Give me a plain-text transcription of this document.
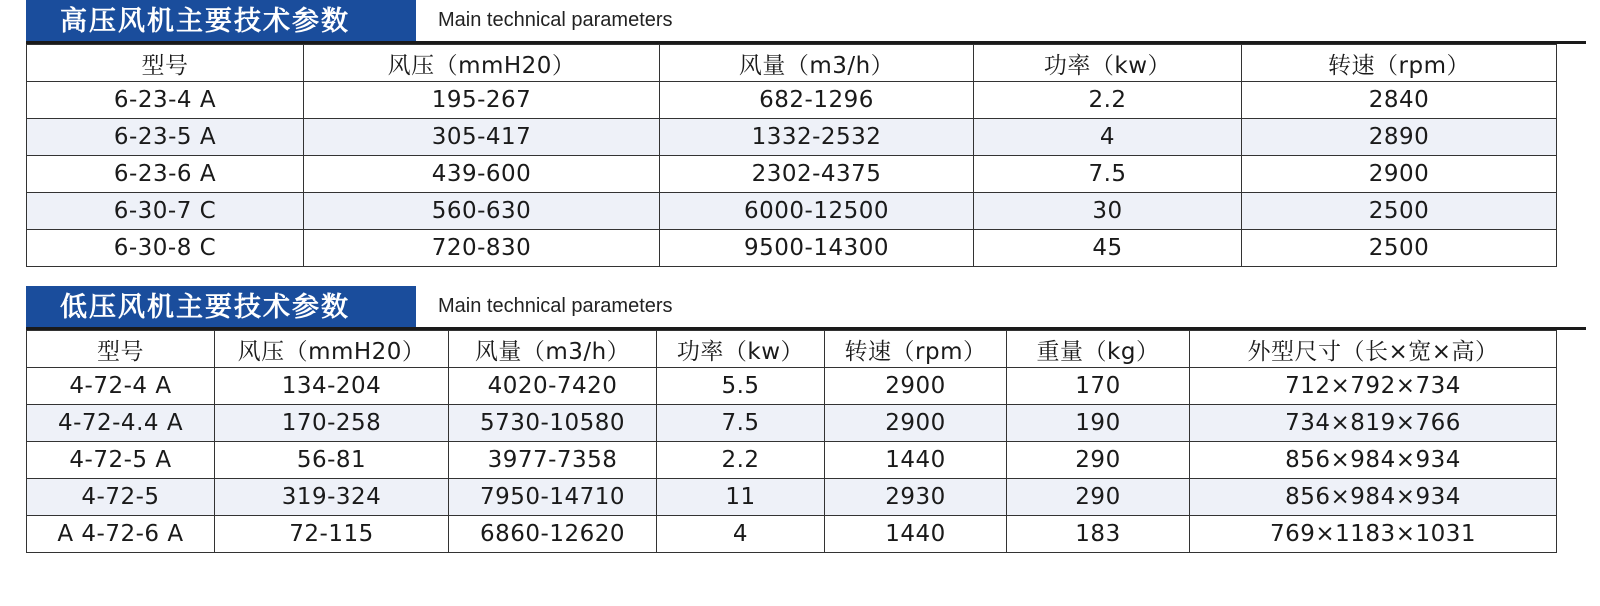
高压风机主要技术参数	Main technical parameters
型号	风压（mmH20）	风量（m3/h）	功率（kw）	转速（rpm）
6-23-4 A	195-267	682-1296	2.2	2840
6-23-5 A	305-417	1332-2532	4	2890
6-23-6 A	439-600	2302-4375	7.5	2900
6-30-7 C	560-630	6000-12500	30	2500
6-30-8 C	720-830	9500-14300	45	2500
低压风机主要技术参数	Main technical parameters
型号	风压（mmH20）	风量（m3/h）	功率（kw）	转速（rpm）	重量（kg）	外型尺寸（长×宽×高）
4-72-4 A	134-204	4020-7420	5.5	2900	170	712×792×734
4-72-4.4 A	170-258	5730-10580	7.5	2900	190	734×819×766
4-72-5 A	56-81	3977-7358	2.2	1440	290	856×984×934
4-72-5	319-324	7950-14710	11	2930	290	856×984×934
A 4-72-6 A	72-115	6860-12620	4	1440	183	769×1183×1031
